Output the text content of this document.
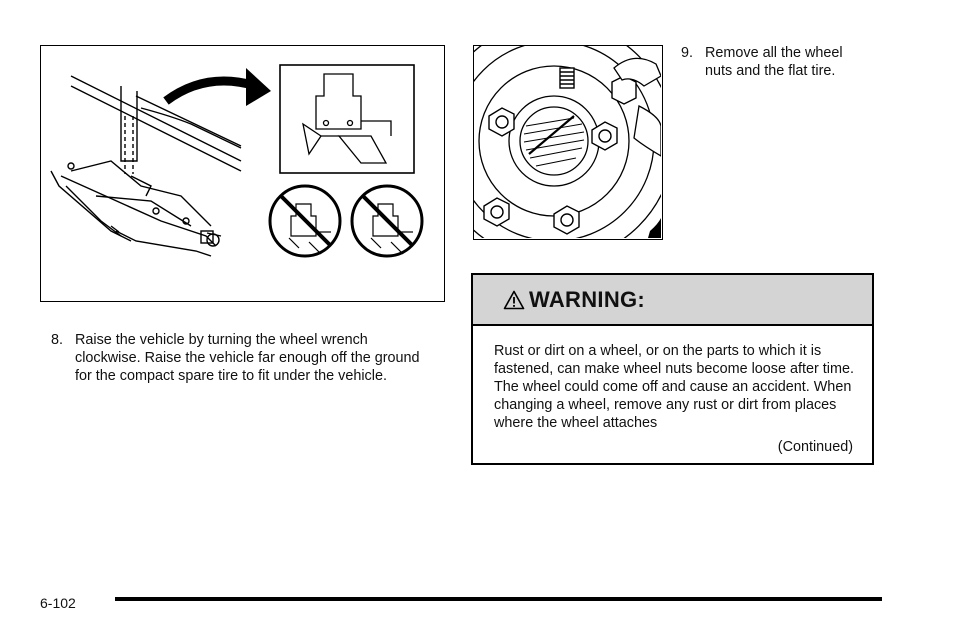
8. Raise the vehicle by turning the wheel wrench clockwise. Raise the vehicle far enough off the ground for the compact spare tire to fit under the vehicle.
9. Remove all the wheel nuts and the flat tire.
WARNING:
Rust or dirt on a wheel, or on the parts to which it is fastened, can make wheel nuts become loose after time. The wheel could come off and cause an accident. When changing a wheel, remove any rust or dirt from places where the wheel attaches
(Continued)
6-102
